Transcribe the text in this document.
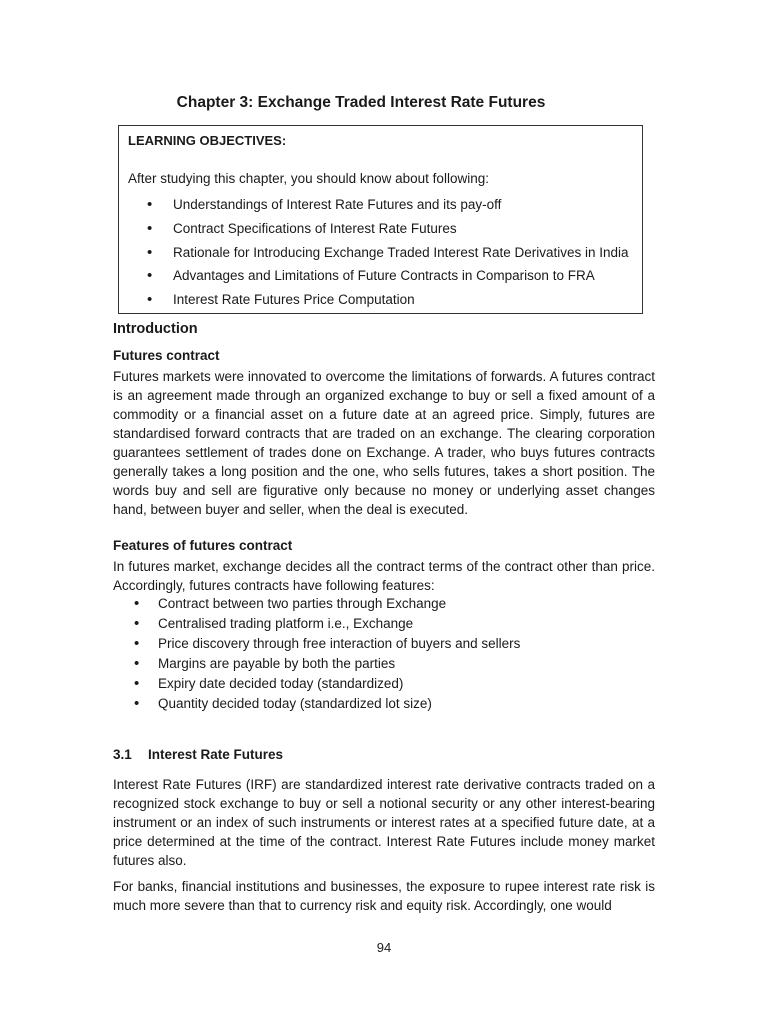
Chapter 3: Exchange Traded Interest Rate Futures
LEARNING OBJECTIVES:
After studying this chapter, you should know about following:
• Understandings of Interest Rate Futures and its pay-off
• Contract Specifications of Interest Rate Futures
• Rationale for Introducing Exchange Traded Interest Rate Derivatives in India
• Advantages and Limitations of Future Contracts in Comparison to FRA
• Interest Rate Futures Price Computation
Introduction
Futures contract

Futures markets were innovated to overcome the limitations of forwards. A futures contract is an agreement made through an organized exchange to buy or sell a fixed amount of a commodity or a financial asset on a future date at an agreed price. Simply, futures are standardised forward contracts that are traded on an exchange. The clearing corporation guarantees settlement of trades done on Exchange. A trader, who buys futures contracts generally takes a long position and the one, who sells futures, takes a short position. The words buy and sell are figurative only because no money or underlying asset changes hand, between buyer and seller, when the deal is executed.

Features of futures contract

In futures market, exchange decides all the contract terms of the contract other than price. Accordingly, futures contracts have following features:

• Contract between two parties through Exchange
• Centralised trading platform i.e., Exchange
• Price discovery through free interaction of buyers and sellers
• Margins are payable by both the parties
• Expiry date decided today (standardized)
• Quantity decided today (standardized lot size)
3.1 Interest Rate Futures

Interest Rate Futures (IRF) are standardized interest rate derivative contracts traded on a recognized stock exchange to buy or sell a notional security or any other interest-bearing instrument or an index of such instruments or interest rates at a specified future date, at a price determined at the time of the contract. Interest Rate Futures include money market futures also.

For banks, financial institutions and businesses, the exposure to rupee interest rate risk is much more severe than that to currency risk and equity risk. Accordingly, one would

94
